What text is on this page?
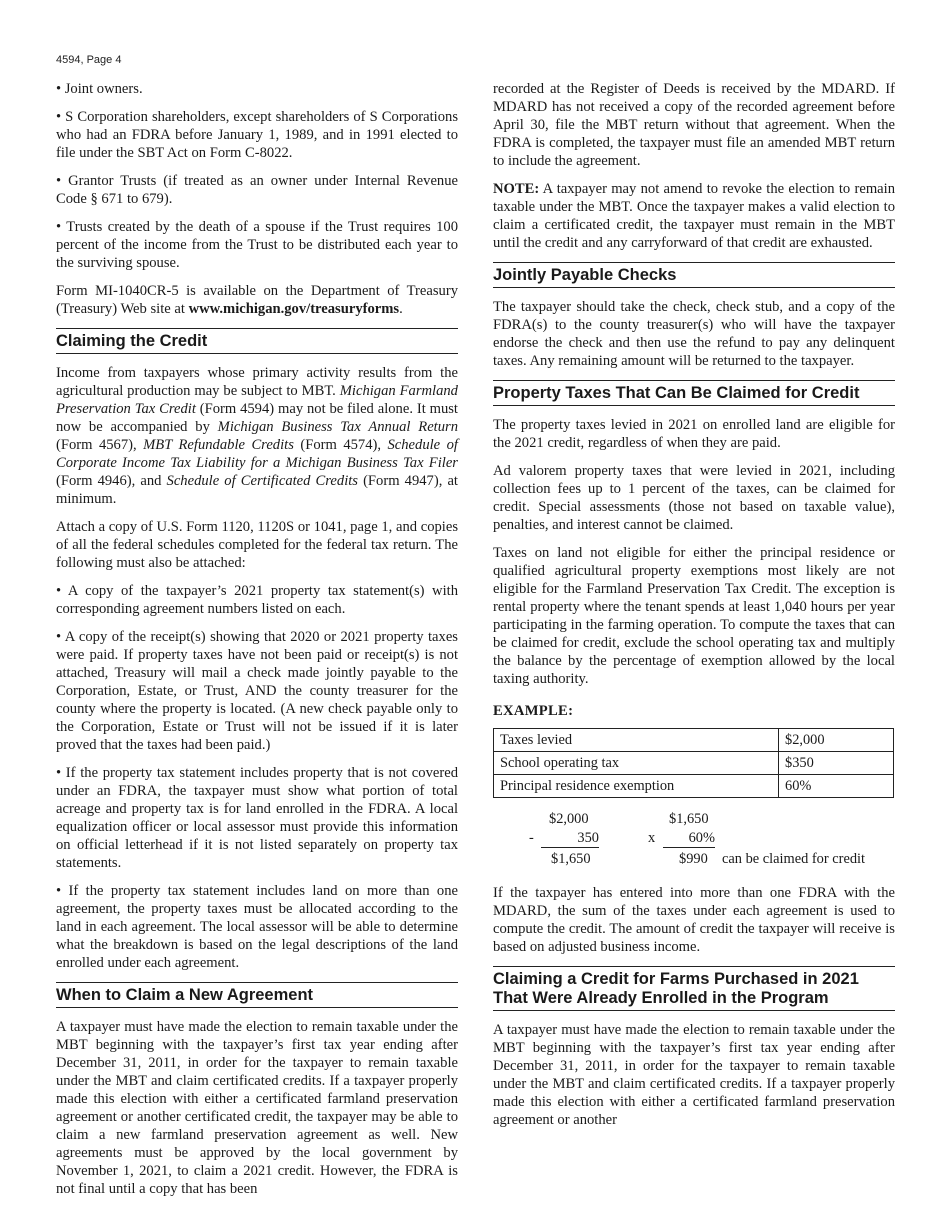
4594, Page 4

• Joint owners.

• S Corporation shareholders, except shareholders of S Corporations who had an FDRA before January 1, 1989, and in 1991 elected to file under the SBT Act on Form C-8022.

• Grantor Trusts (if treated as an owner under Internal Revenue Code § 671 to 679).

• Trusts created by the death of a spouse if the Trust requires 100 percent of the income from the Trust to be distributed each year to the surviving spouse.

Form MI-1040CR-5 is available on the Department of Treasury (Treasury) Web site at www.michigan.gov/treasuryforms.

Claiming the Credit

Income from taxpayers whose primary activity results from the agricultural production may be subject to MBT. Michigan Farmland Preservation Tax Credit (Form 4594) may not be filed alone. It must now be accompanied by Michigan Business Tax Annual Return (Form 4567), MBT Refundable Credits (Form 4574), Schedule of Corporate Income Tax Liability for a Michigan Business Tax Filer (Form 4946), and Schedule of Certificated Credits (Form 4947), at minimum.

Attach a copy of U.S. Form 1120, 1120S or 1041, page 1, and copies of all the federal schedules completed for the federal tax return. The following must also be attached:

• A copy of the taxpayer’s 2021 property tax statement(s) with corresponding agreement numbers listed on each.

• A copy of the receipt(s) showing that 2020 or 2021 property taxes were paid. If property taxes have not been paid or receipt(s) is not attached, Treasury will mail a check made jointly payable to the Corporation, Estate, or Trust, AND the county treasurer for the county where the property is located. (A new check payable only to the Corporation, Estate or Trust will not be issued if it is later proved that the taxes had been paid.)

• If the property tax statement includes property that is not covered under an FDRA, the taxpayer must show what portion of total acreage and property tax is for land enrolled in the FDRA. A local equalization officer or local assessor must provide this information on official letterhead if it is not listed separately on property tax statements.

• If the property tax statement includes land on more than one agreement, the property taxes must be allocated according to the land in each agreement. The local assessor will be able to determine what the breakdown is based on the legal descriptions of the land enrolled under each agreement.

When to Claim a New Agreement

A taxpayer must have made the election to remain taxable under the MBT beginning with the taxpayer’s first tax year ending after December 31, 2011, in order for the taxpayer to remain taxable under the MBT and claim certificated credits. If a taxpayer properly made this election with either a certificated farmland preservation agreement or another certificated credit, the taxpayer may be able to claim a new farmland preservation agreement as well. New agreements must be approved by the local government by November 1, 2021, to claim a 2021 credit. However, the FDRA is not final until a copy that has been

recorded at the Register of Deeds is received by the MDARD. If MDARD has not received a copy of the recorded agreement before April 30, file the MBT return without that agreement. When the FDRA is completed, the taxpayer must file an amended MBT return to include the agreement.

NOTE: A taxpayer may not amend to revoke the election to remain taxable under the MBT. Once the taxpayer makes a valid election to claim a certificated credit, the taxpayer must remain in the MBT until the credit and any carryforward of that credit are exhausted.

Jointly Payable Checks

The taxpayer should take the check, check stub, and a copy of the FDRA(s) to the county treasurer(s) who will have the taxpayer endorse the check and then use the refund to pay any delinquent taxes. Any remaining amount will be returned to the taxpayer.

Property Taxes That Can Be Claimed for Credit

The property taxes levied in 2021 on enrolled land are eligible for the 2021 credit, regardless of when they are paid.

Ad valorem property taxes that were levied in 2021, including collection fees up to 1 percent of the taxes, can be claimed for credit. Special assessments (those not based on taxable value), penalties, and interest cannot be claimed.

Taxes on land not eligible for either the principal residence or qualified agricultural property exemptions most likely are not eligible for the Farmland Preservation Tax Credit. The exception is rental property where the tenant spends at least 1,040 hours per year participating in the farming operation. To compute the taxes that can be claimed for credit, exclude the school operating tax and multiply the balance by the percentage of exemption allowed by the local taxing authority.

EXAMPLE:
Taxes levied	$2,000
School operating tax	$350
Principal residence exemption	60%
$2,000
-	350
$1,650
$1,650
x	60%
$990 can be claimed for credit

If the taxpayer has entered into more than one FDRA with the MDARD, the sum of the taxes under each agreement is used to compute the credit. The amount of credit the taxpayer will receive is based on adjusted business income.

Claiming a Credit for Farms Purchased in 2021 That Were Already Enrolled in the Program

A taxpayer must have made the election to remain taxable under the MBT beginning with the taxpayer’s first tax year ending after December 31, 2011, in order for the taxpayer to remain taxable under the MBT and claim certificated credits. If a taxpayer properly made this election with either a certificated farmland preservation agreement or another
